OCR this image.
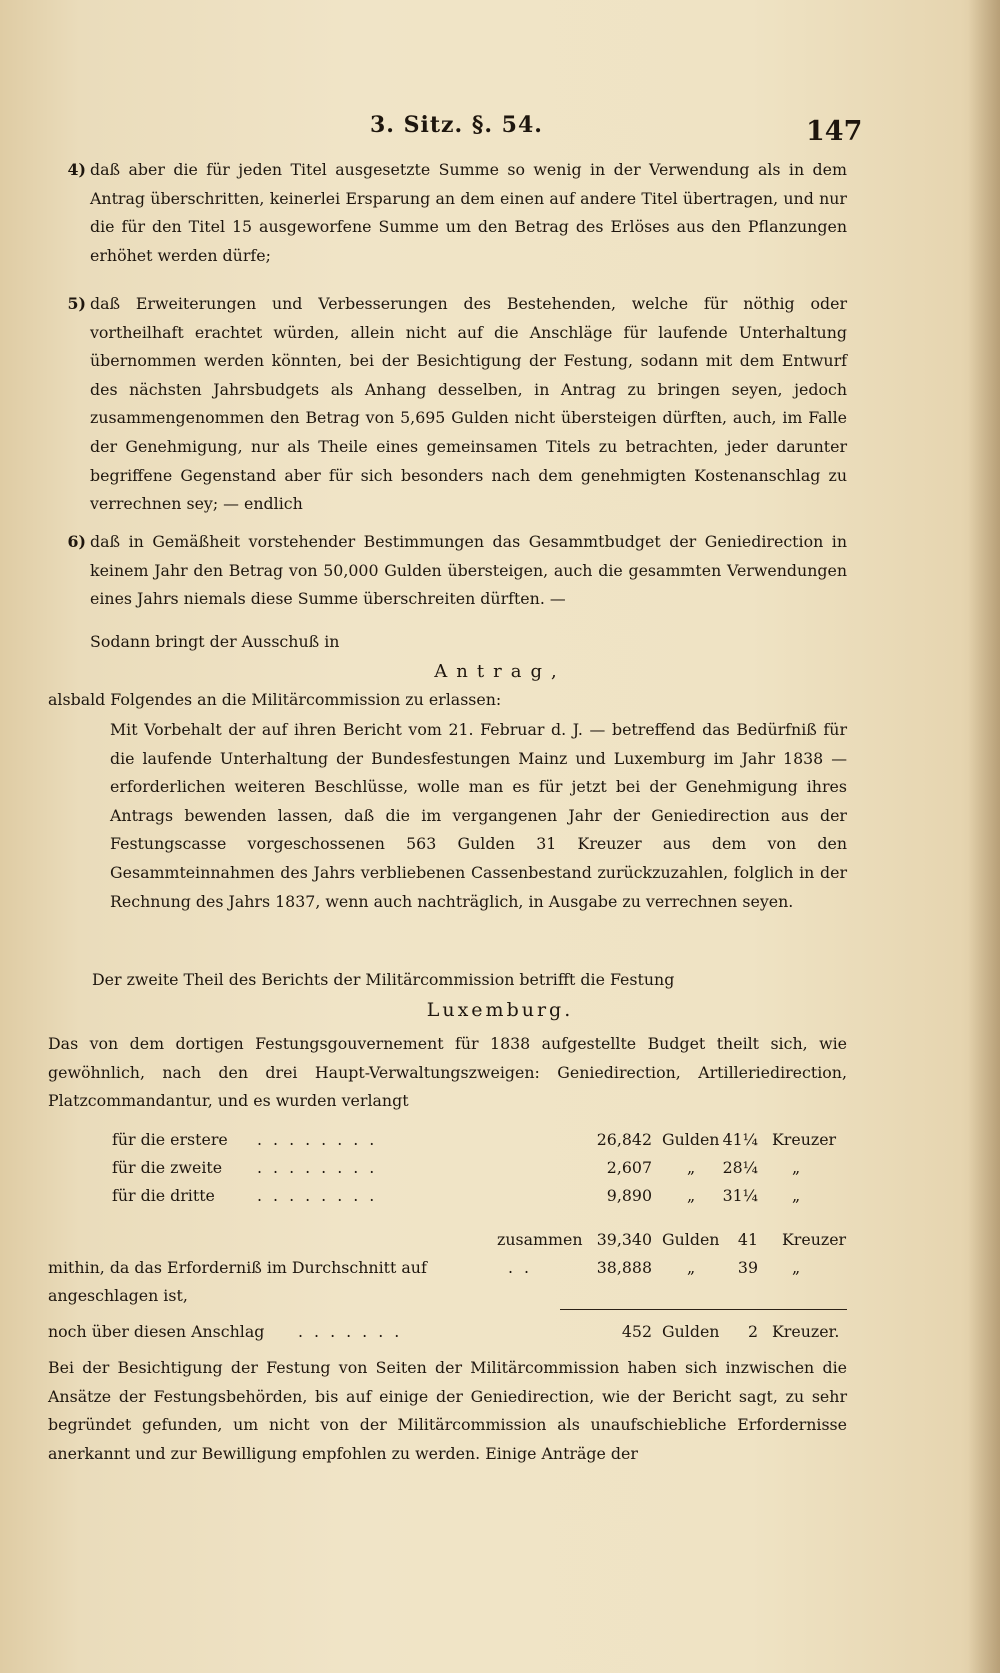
3. Sitz. §. 54.	147
4) daß aber die für jeden Titel ausgesetzte Summe so wenig in der Verwendung als in dem Antrag überschritten, keinerlei Ersparung an dem einen auf andere Titel übertragen, und nur die für den Titel 15 ausgeworfene Summe um den Betrag des Erlöses aus den Pflanzungen erhöhet werden dürfe;
5) daß Erweiterungen und Verbesserungen des Bestehenden, welche für nöthig oder vortheilhaft erachtet würden, allein nicht auf die Anschläge für laufende Unterhaltung übernommen werden könnten, bei der Besichtigung der Festung, sodann mit dem Entwurf des nächsten Jahrsbudgets als Anhang desselben, in Antrag zu bringen seyen, jedoch zusammengenommen den Betrag von 5,695 Gulden nicht übersteigen dürften, auch, im Falle der Genehmigung, nur als Theile eines gemeinsamen Titels zu betrachten, jeder darunter begriffene Gegenstand aber für sich besonders nach dem genehmigten Kostenanschlag zu verrechnen sey; — endlich
6) daß in Gemäßheit vorstehender Bestimmungen das Gesammtbudget der Geniedirection in keinem Jahr den Betrag von 50,000 Gulden übersteigen, auch die gesammten Verwendungen eines Jahrs niemals diese Summe überschreiten dürften. —
Sodann bringt der Ausschuß in
Antrag,
alsbald Folgendes an die Militärcommission zu erlassen:
Mit Vorbehalt der auf ihren Bericht vom 21. Februar d. J. — betreffend das Bedürfniß für die laufende Unterhaltung der Bundesfestungen Mainz und Luxemburg im Jahr 1838 — erforderlichen weiteren Beschlüsse, wolle man es für jetzt bei der Genehmigung ihres Antrags bewenden lassen, daß die im vergangenen Jahr der Geniedirection aus der Festungscasse vorgeschossenen 563 Gulden 31 Kreuzer aus dem von den Gesammteinnahmen des Jahrs verbliebenen Cassenbestand zurückzuzahlen, folglich in der Rechnung des Jahrs 1837, wenn auch nachträglich, in Ausgabe zu verrechnen seyen.
Der zweite Theil des Berichts der Militärcommission betrifft die Festung
Luxemburg.
Das von dem dortigen Festungsgouvernement für 1838 aufgestellte Budget theilt sich, wie gewöhnlich, nach den drei Haupt-Verwaltungszweigen: Geniedirection, Artilleriedirection, Platzcommandantur, und es wurden verlangt
für die erstere . . . . . . . .	26,842 Gulden 41¼ Kreuzer
für die zweite . . . . . . . .	2,607 „ 28¼ „
für die dritte	. . . . . . . .	9,890 „ 31¼ „
zusammen 39,340 Gulden	41 Kreuzer
mithin, da das Erforderniß im Durchschnitt auf	. .	38,888 „	39 „
angeschlagen ist,
noch über diesen Anschlag . . . . . . .	452 Gulden	2 Kreuzer.
Bei der Besichtigung der Festung von Seiten der Militärcommission haben sich inzwischen die Ansätze der Festungsbehörden, bis auf einige der Geniedirection, wie der Bericht sagt, zu sehr begründet gefunden, um nicht von der Militärcommission als unaufschiebliche Erfordernisse anerkannt und zur Bewilligung empfohlen zu werden. Einige Anträge der
